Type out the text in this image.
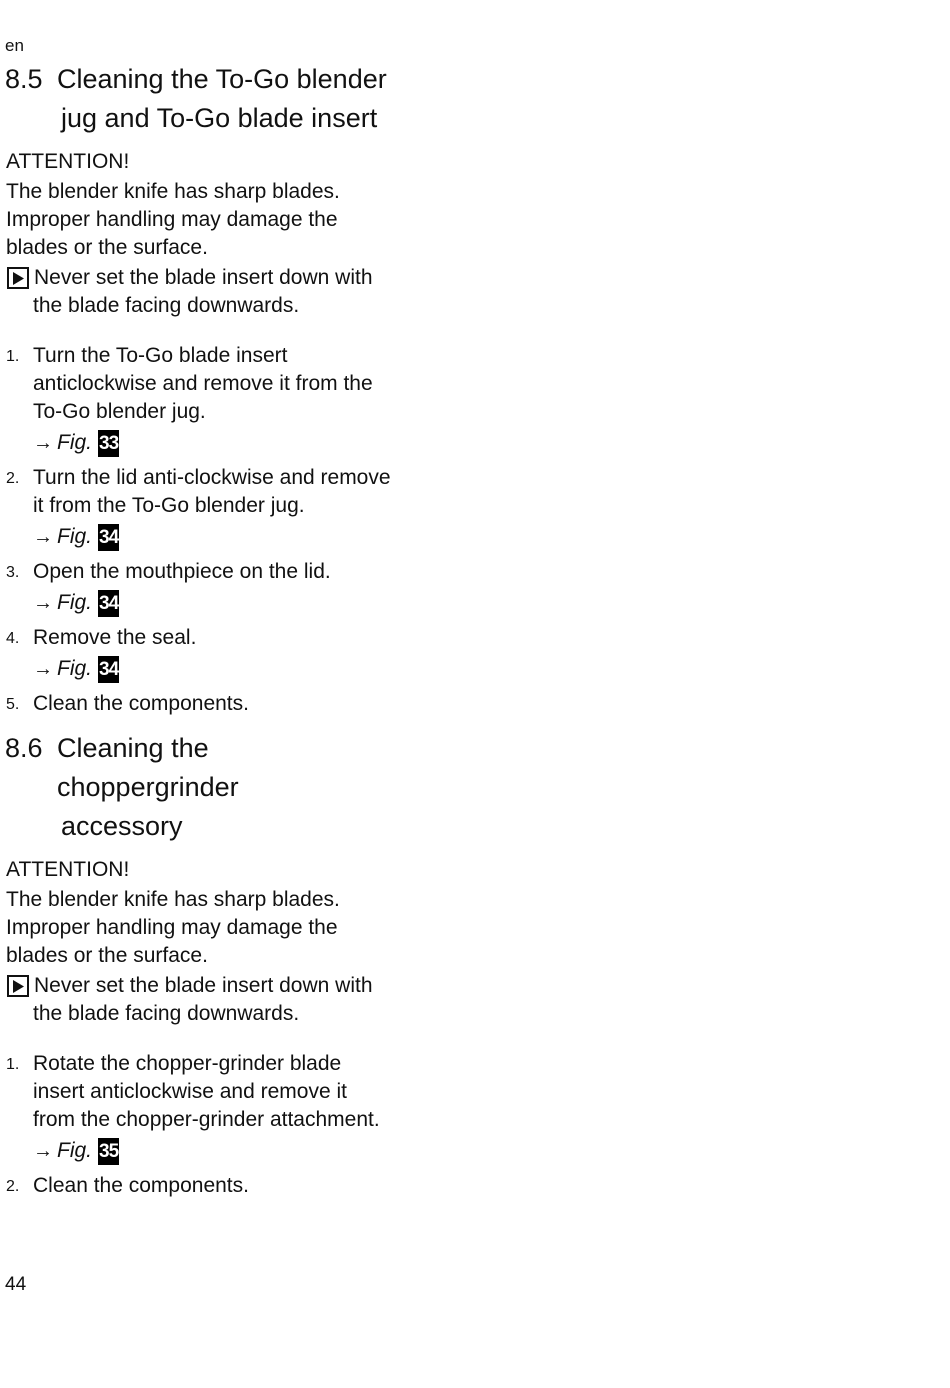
en
8.5 Cleaning the To-Go blender

jug and To-Go blade insert
ATTENTION!
The blender knife has sharp blades.
Improper handling may damage the
blades or the surface.
Never set the blade insert down with
the blade facing downwards.
1. Turn the To-Go blade insert
anticlockwise and remove it from the
To-Go blender jug.
→ Fig. 33
2. Turn the lid anti-clockwise and remove
it from the To-Go blender jug.
→ Fig. 34
3. Open the mouthpiece on the lid.
→ Fig. 34
4. Remove the seal.
→ Fig. 34
5. Clean the components.
8.6 Cleaning the choppergrinder

accessory
ATTENTION!
The blender knife has sharp blades.
Improper handling may damage the
blades or the surface.
Never set the blade insert down with
the blade facing downwards.
1. Rotate the chopper-grinder blade
insert anticlockwise and remove it
from the chopper-grinder attachment.
→ Fig. 35
2. Clean the components.
44
